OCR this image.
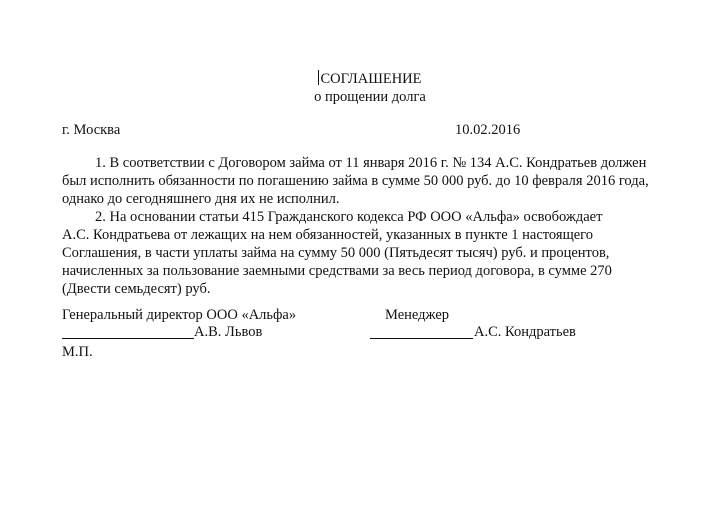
СОГЛАШЕНИЕ
о прощении долга
г. Москва	10.02.2016
1. В соответствии с Договором займа от 11 января 2016 г. № 134 А.С. Кондратьев должен
был исполнить обязанности по погашению займа в сумме 50 000 руб. до 10 февраля 2016 года,
однако до сегодняшнего дня их не исполнил.
2. На основании статьи 415 Гражданского кодекса РФ ООО «Альфа» освобождает
А.С. Кондратьева от лежащих на нем обязанностей, указанных в пункте 1 настоящего
Соглашения, в части уплаты займа на сумму 50 000 (Пятьдесят тысяч) руб. и процентов,
начисленных за пользование заемными средствами за весь период договора, в сумме 270
(Двести семьдесят) руб.
Генеральный директор ООО «Альфа»	Менеджер
А.В. Львов	А.С. Кондратьев
М.П.
